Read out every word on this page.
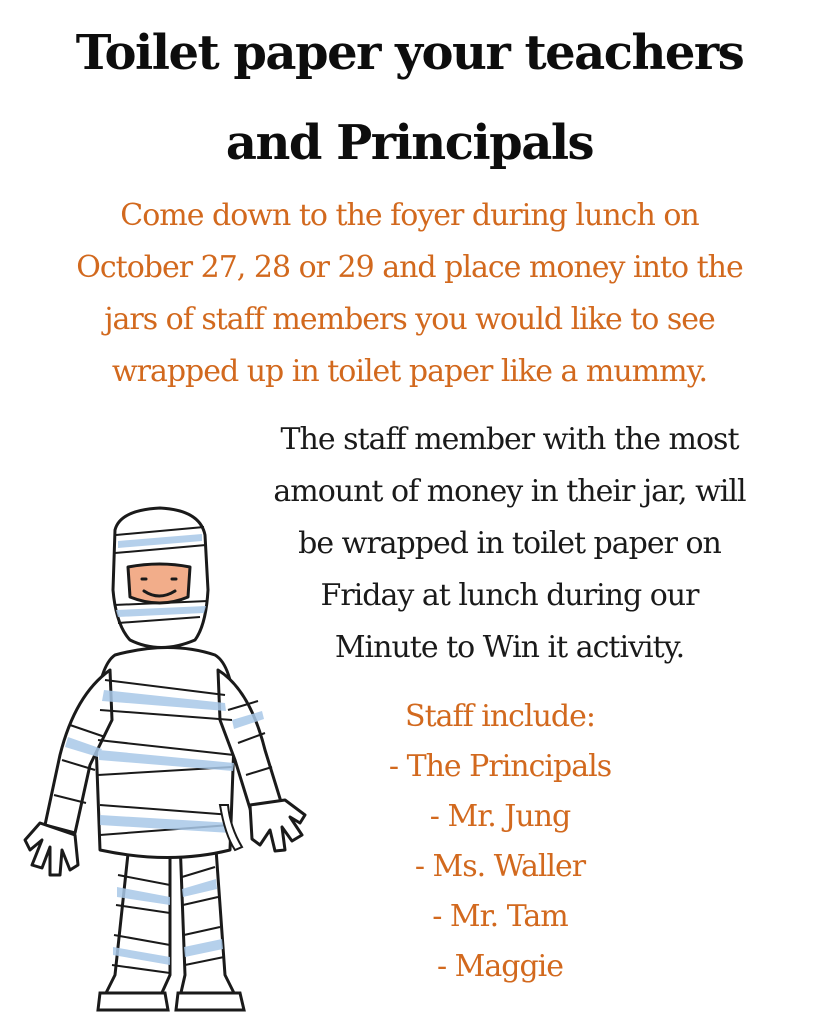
Toilet paper your teachers
and Principals
Come down to the foyer during lunch on
October 27, 28 or 29 and place money into the
jars of staff members you would like to see
wrapped up in toilet paper like a mummy.
The staff member with the most
amount of money in their jar, will
be wrapped in toilet paper on
Friday at lunch during our
Minute to Win it activity.
Staff include:
- The Principals
- Mr. Jung
- Ms. Waller
- Mr. Tam
- Maggie
